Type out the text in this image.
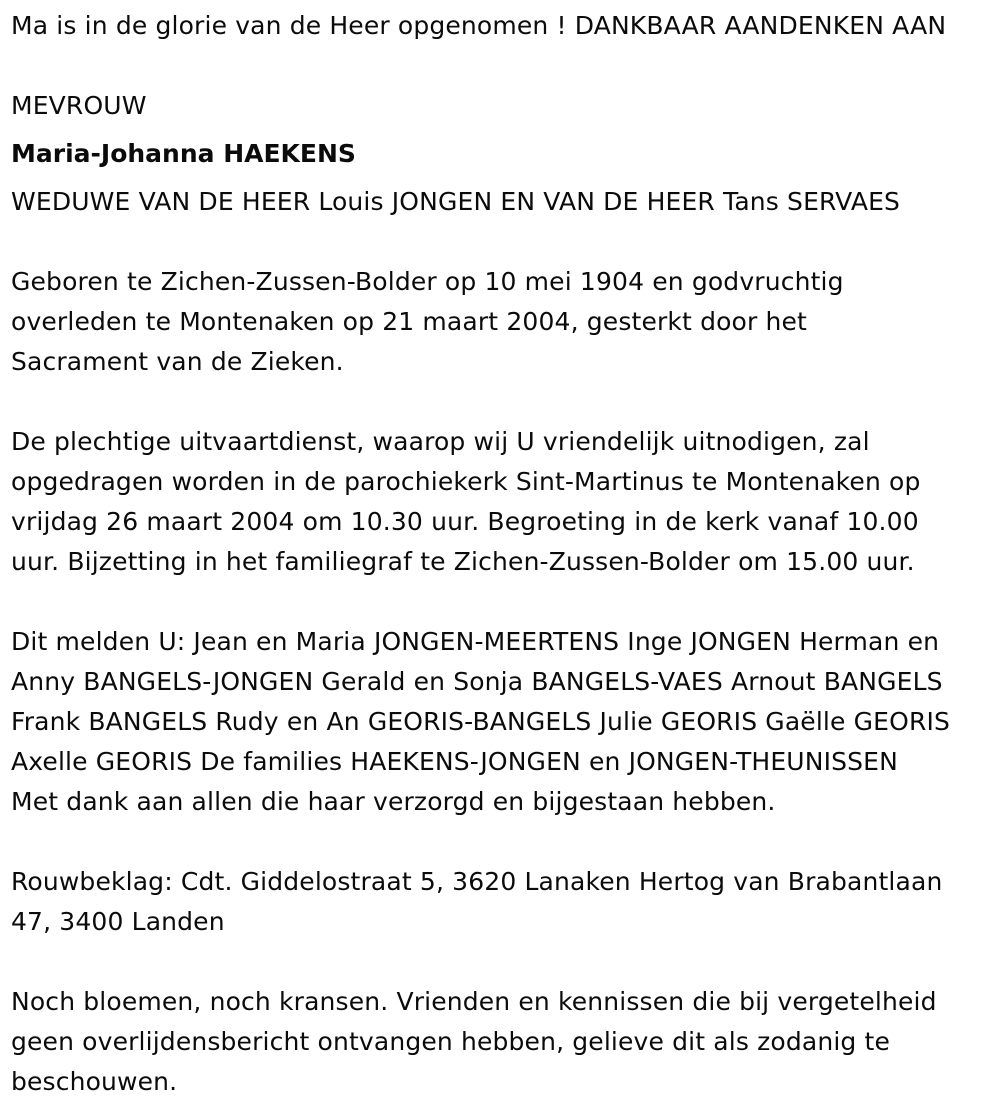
Ma is in de glorie van de Heer opgenomen ! DANKBAAR AANDENKEN AAN
MEVROUW
Maria-Johanna HAEKENS
WEDUWE VAN DE HEER Louis JONGEN EN VAN DE HEER Tans SERVAES
Geboren te Zichen-Zussen-Bolder op 10 mei 1904 en godvruchtig
overleden te Montenaken op 21 maart 2004, gesterkt door het
Sacrament van de Zieken.
De plechtige uitvaartdienst, waarop wij U vriendelijk uitnodigen, zal
opgedragen worden in de parochiekerk Sint-Martinus te Montenaken op
vrijdag 26 maart 2004 om 10.30 uur. Begroeting in de kerk vanaf 10.00
uur. Bijzetting in het familiegraf te Zichen-Zussen-Bolder om 15.00 uur.
Dit melden U: Jean en Maria JONGEN-MEERTENS Inge JONGEN Herman en
Anny BANGELS-JONGEN Gerald en Sonja BANGELS-VAES Arnout BANGELS
Frank BANGELS Rudy en An GEORIS-BANGELS Julie GEORIS Gaëlle GEORIS
Axelle GEORIS De families HAEKENS-JONGEN en JONGEN-THEUNISSEN
Met dank aan allen die haar verzorgd en bijgestaan hebben.
Rouwbeklag: Cdt. Giddelostraat 5, 3620 Lanaken Hertog van Brabantlaan
47, 3400 Landen
Noch bloemen, noch kransen. Vrienden en kennissen die bij vergetelheid
geen overlijdensbericht ontvangen hebben, gelieve dit als zodanig te
beschouwen.
